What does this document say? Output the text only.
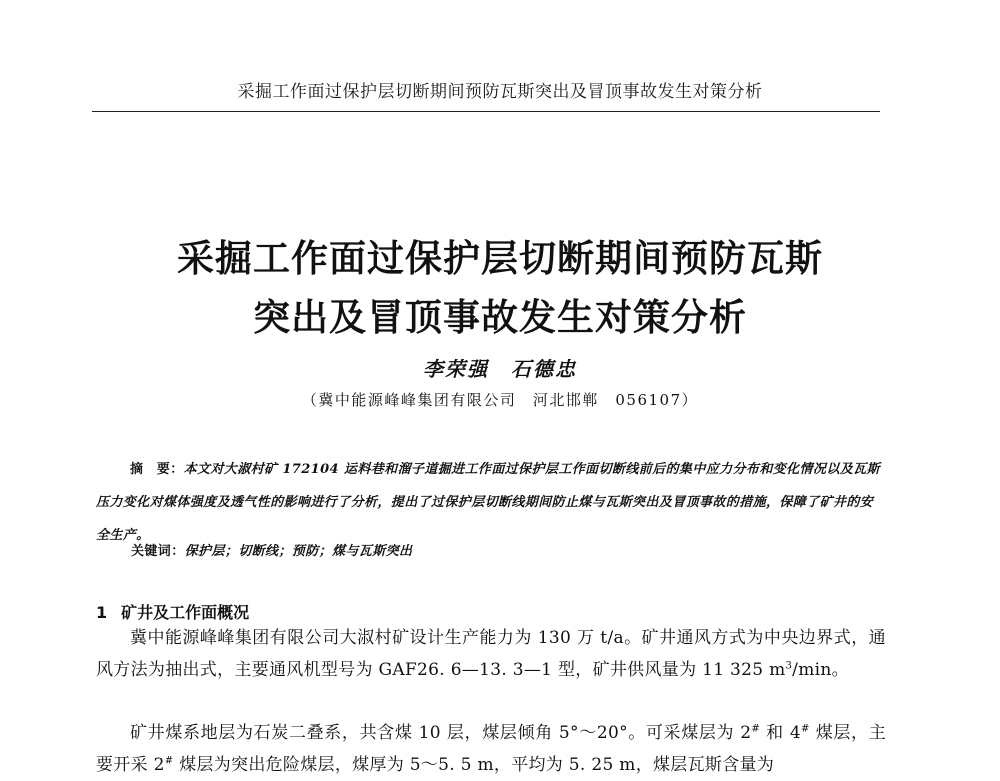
采掘工作面过保护层切断期间预防瓦斯突出及冒顶事故发生对策分析
采掘工作面过保护层切断期间预防瓦斯
突出及冒顶事故发生对策分析
李荣强　石德忠
（冀中能源峰峰集团有限公司　河北邯郸　056107）
摘　要：本文对大淑村矿 172104 运料巷和溜子道掘进工作面过保护层工作面切断线前后的集中应力分布和变化情况以及瓦斯压力变化对煤体强度及透气性的影响进行了分析，提出了过保护层切断线期间防止煤与瓦斯突出及冒顶事故的措施，保障了矿井的安全生产。
关键词：保护层；切断线；预防；煤与瓦斯突出
1 矿井及工作面概况
冀中能源峰峰集团有限公司大淑村矿设计生产能力为 130 万 t/a。矿井通风方式为中央边界式，通风方法为抽出式，主要通风机型号为 GAF26. 6—13. 3—1 型，矿井供风量为 11 325 $m^3/\min$。
矿井煤系地层为石炭二叠系，共含煤 10 层，煤层倾角 5°～20°。可采煤层为 2# 和 4# 煤层，主要开采 2# 煤层为突出危险煤层，煤厚为 5～5. 5 m，平均为 5. 25 m，煤层瓦斯含量为
